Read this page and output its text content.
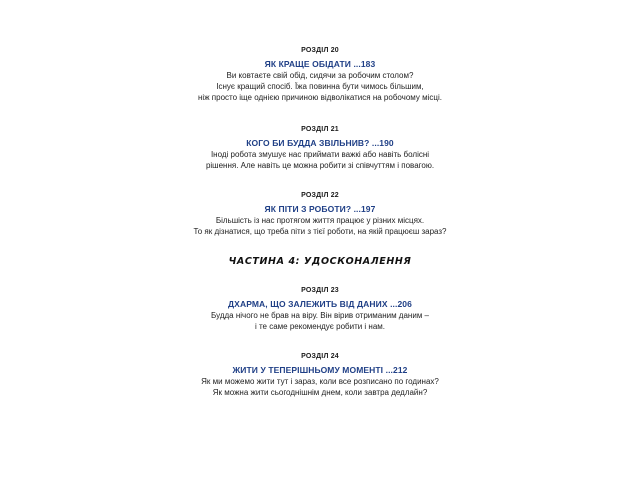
РОЗДІЛ 20
ЯК КРАЩЕ ОБІДАТИ ...183
Ви ковтаєте свій обід, сидячи за робочим столом?
Існує кращий спосіб. Їжа повинна бути чимось більшим,
ніж просто іще однією причиною відволікатися на робочому місці.
РОЗДІЛ 21
КОГО БИ БУДДА ЗВІЛЬНИВ? ...190
Іноді робота змушує нас приймати важкі або навіть болісні
рішення. Але навіть це можна робити зі співчуттям і повагою.
РОЗДІЛ 22
ЯК ПІТИ З РОБОТИ? ...197
Більшість із нас протягом життя працює у різних місцях.
То як дізнатися, що треба піти з тієї роботи, на якій працюєш зараз?
ЧАСТИНА 4: УДОСКОНАЛЕННЯ
РОЗДІЛ 23
ДХАРМА, ЩО ЗАЛЕЖИТЬ ВІД ДАНИХ ...206
Будда нічого не брав на віру. Він вірив отриманим даним –
і те саме рекомендує робити і нам.
РОЗДІЛ 24
ЖИТИ У ТЕПЕРІШНЬОМУ МОМЕНТІ ...212
Як ми можемо жити тут і зараз, коли все розписано по годинах?
Як можна жити сьогоднішнім днем, коли завтра дедлайн?
